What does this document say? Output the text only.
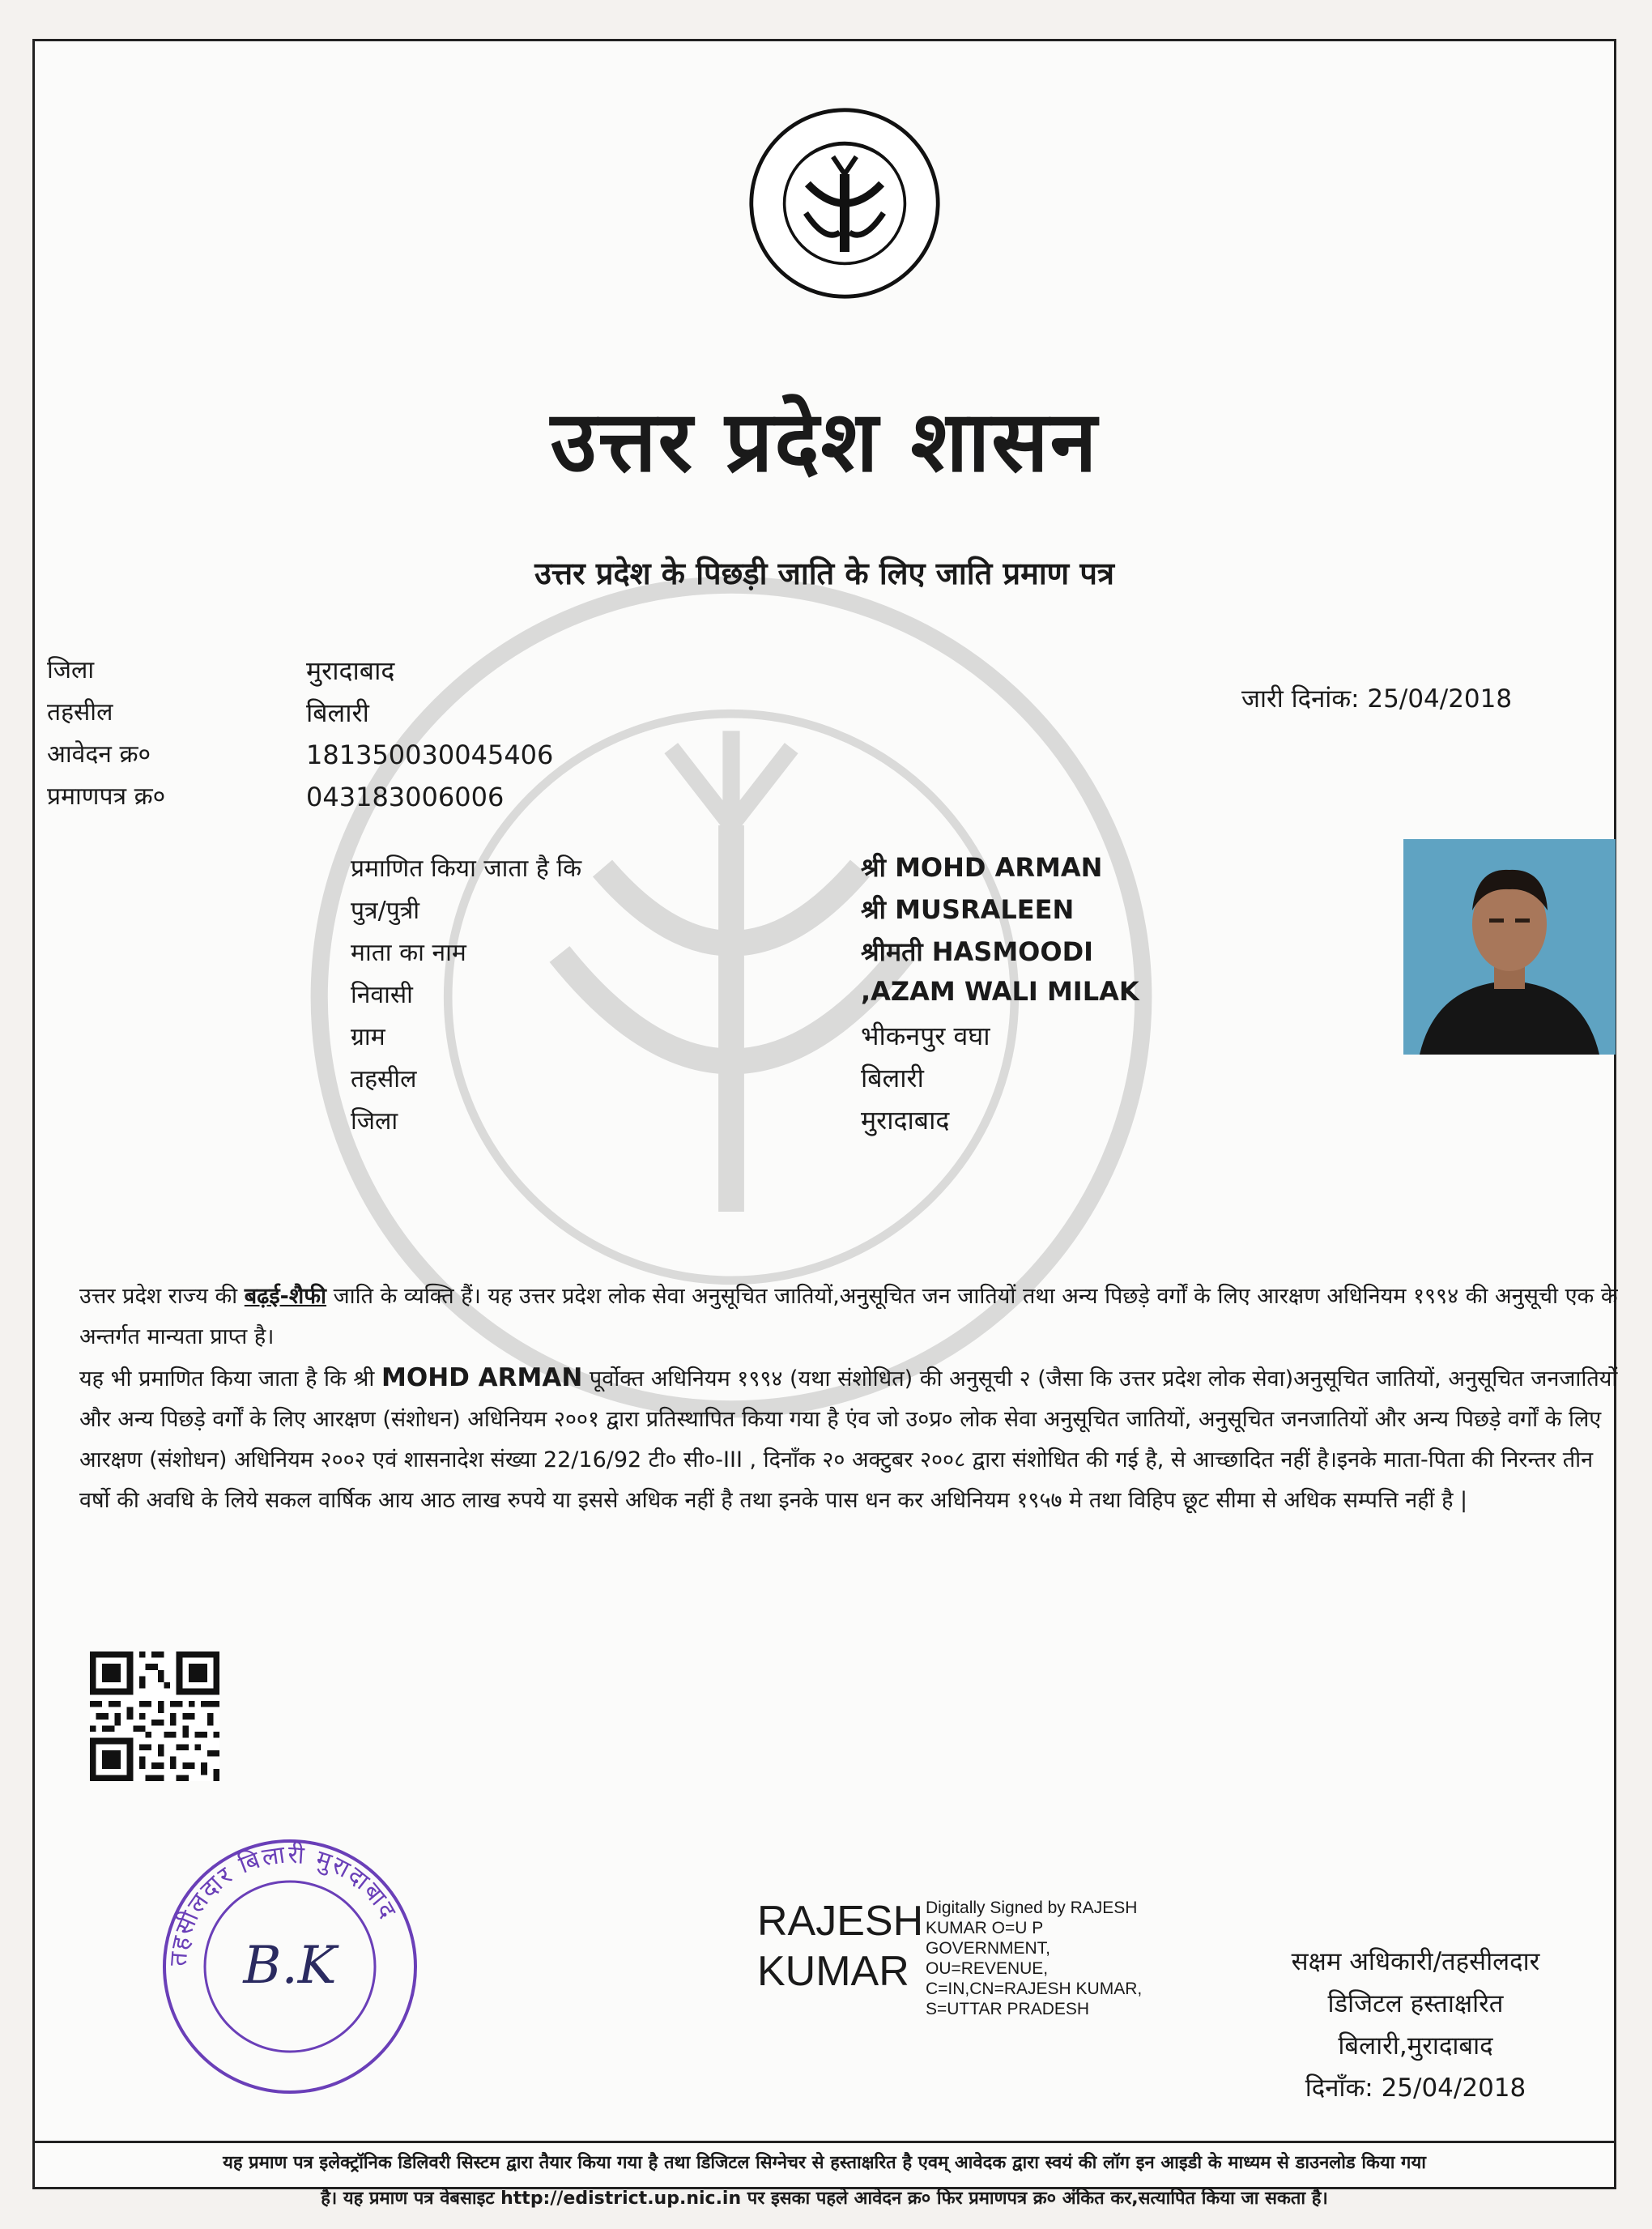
उत्तर प्रदेश शासन
उत्तर प्रदेश के पिछड़ी जाति के लिए जाति प्रमाण पत्र
जिला
तहसील
आवेदन क्र०
प्रमाणपत्र क्र०
मुरादाबाद
बिलारी
181350030045406
043183006006
जारी दिनांक: 25/04/2018
प्रमाणित किया जाता है कि
पुत्र/पुत्री
माता का नाम
निवासी
ग्राम
तहसील
जिला
श्री MOHD ARMAN
श्री MUSRALEEN
श्रीमती HASMOODI
,AZAM WALI MILAK
भीकनपुर वघा
बिलारी
मुरादाबाद

उत्तर प्रदेश राज्य की बढ़ई-शैफी जाति के व्यक्ति हैं। यह उत्तर प्रदेश लोक सेवा अनुसूचित जातियों,अनुसूचित जन जातियों तथा अन्य पिछड़े वर्गों के लिए आरक्षण अधिनियम १९९४ की अनुसूची एक के अन्तर्गत मान्यता प्राप्त है।

यह भी प्रमाणित किया जाता है कि श्री MOHD ARMAN पूर्वोक्त अधिनियम १९९४ (यथा संशोधित) की अनुसूची २ (जैसा कि उत्तर प्रदेश लोक सेवा)अनुसूचित जातियों, अनुसूचित जनजातियों और अन्य पिछड़े वर्गों के लिए आरक्षण (संशोधन) अधिनियम २००१ द्वारा प्रतिस्थापित किया गया है एंव जो उ०प्र० लोक सेवा अनुसूचित जातियों, अनुसूचित जनजातियों और अन्य पिछड़े वर्गों के लिए आरक्षण (संशोधन) अधिनियम २००२ एवं शासनादेश संख्या 22/16/92 टी० सी०-III , दिनाँक २० अक्टुबर २००८ द्वारा संशोधित की गई है, से आच्छादित नहीं है।इनके माता-पिता की निरन्तर तीन वर्षो की अवधि के लिये सकल वार्षिक आय आठ लाख रुपये या इससे अधिक नहीं है तथा इनके पास धन कर अधिनियम १९५७ मे तथा विहिप छूट सीमा से अधिक सम्पत्ति नहीं है |

तहसीलदार बिलारी मुरादाबाद
B.K
RAJESH
KUMAR
Digitally Signed by RAJESH
KUMAR O=U P
GOVERNMENT,
OU=REVENUE,
C=IN,CN=RAJESH KUMAR,
S=UTTAR PRADESH
सक्षम अधिकारी/तहसीलदार
डिजिटल हस्ताक्षरित
बिलारी,मुरादाबाद
दिनाँक: 25/04/2018
यह प्रमाण पत्र इलेक्ट्रॉनिक डिलिवरी सिस्टम द्वारा तैयार किया गया है तथा डिजिटल सिग्नेचर से हस्ताक्षरित है एवम् आवेदक द्वारा स्वयं की लॉग इन आइडी के माध्यम से डाउनलोड किया गया
है। यह प्रमाण पत्र वेबसाइट http://edistrict.up.nic.in पर इसका पहले आवेदन क्र० फिर प्रमाणपत्र क्र० अंकित कर,सत्यापित किया जा सकता है।
